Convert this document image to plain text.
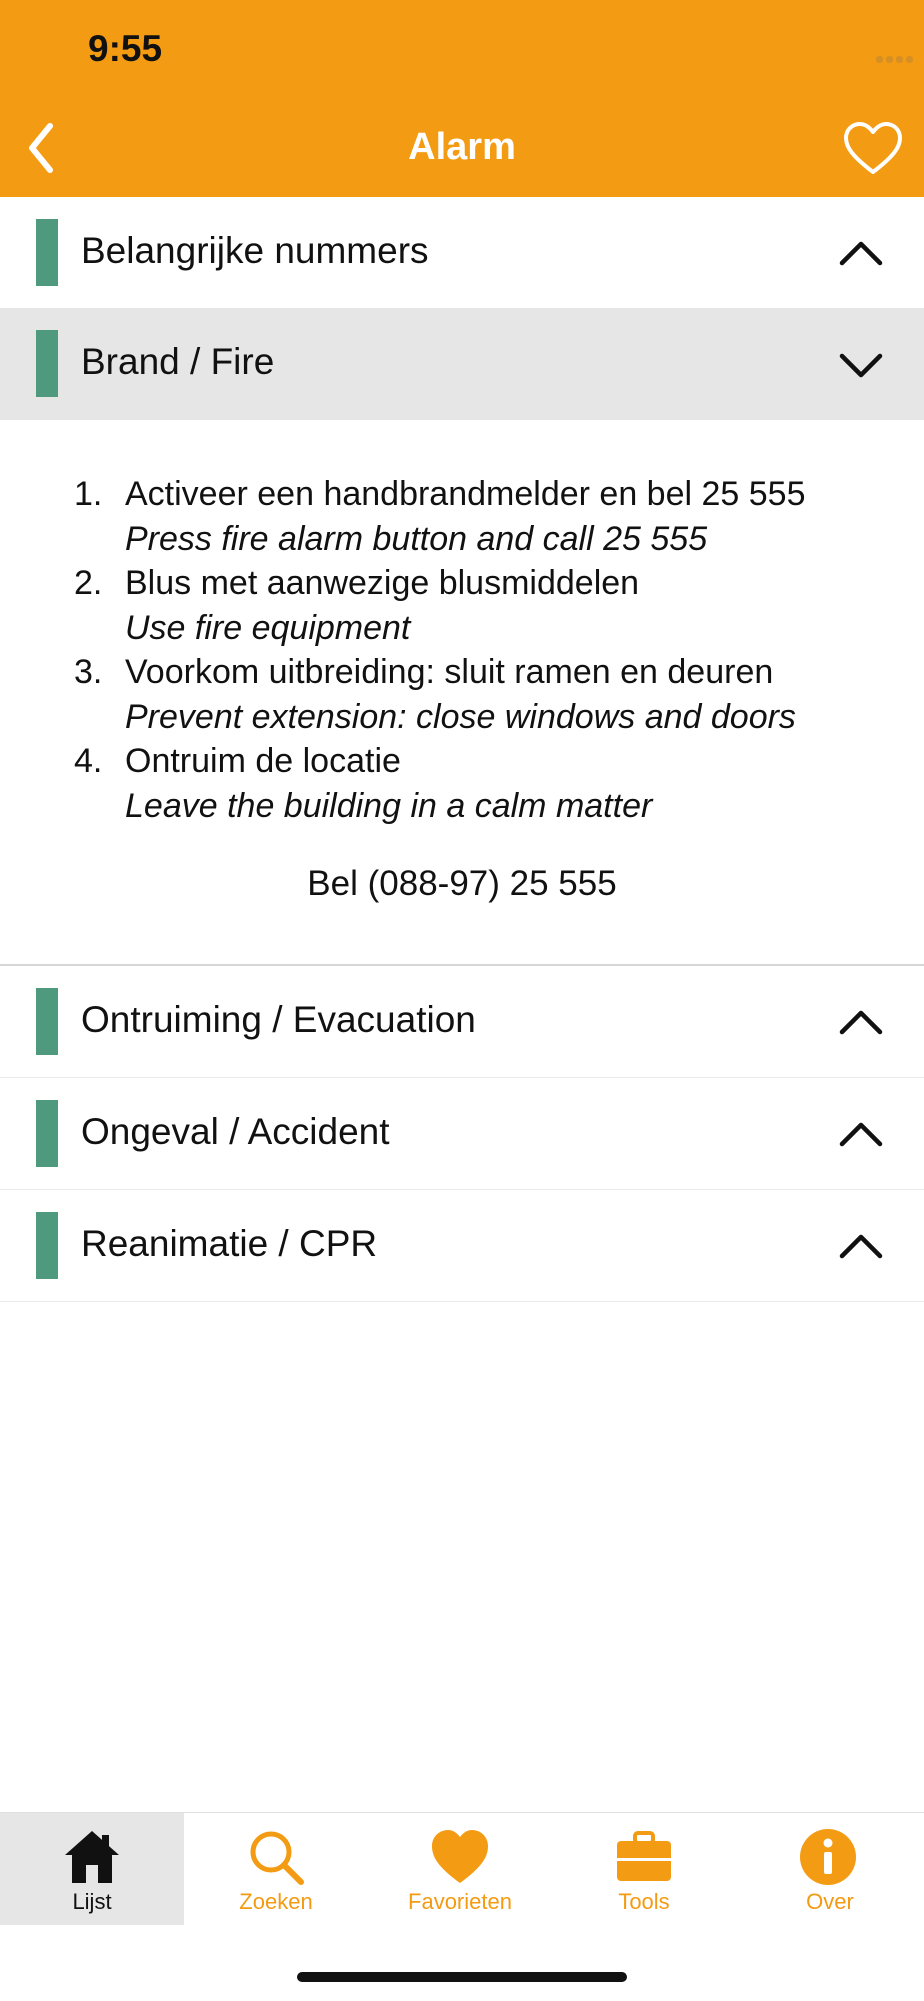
9:55
Alarm
Belangrijke nummers
Brand / Fire
1. Activeer een handbrandmelder en bel 25 555
Press fire alarm button and call 25 555
2. Blus met aanwezige blusmiddelen
Use fire equipment
3. Voorkom uitbreiding: sluit ramen en deuren
Prevent extension: close windows and doors
4. Ontruim de locatie
Leave the building in a calm matter
Bel (088-97) 25 555
Ontruiming / Evacuation
Ongeval / Accident
Reanimatie / CPR
Lijst	Zoeken	Favorieten	Tools	Over
